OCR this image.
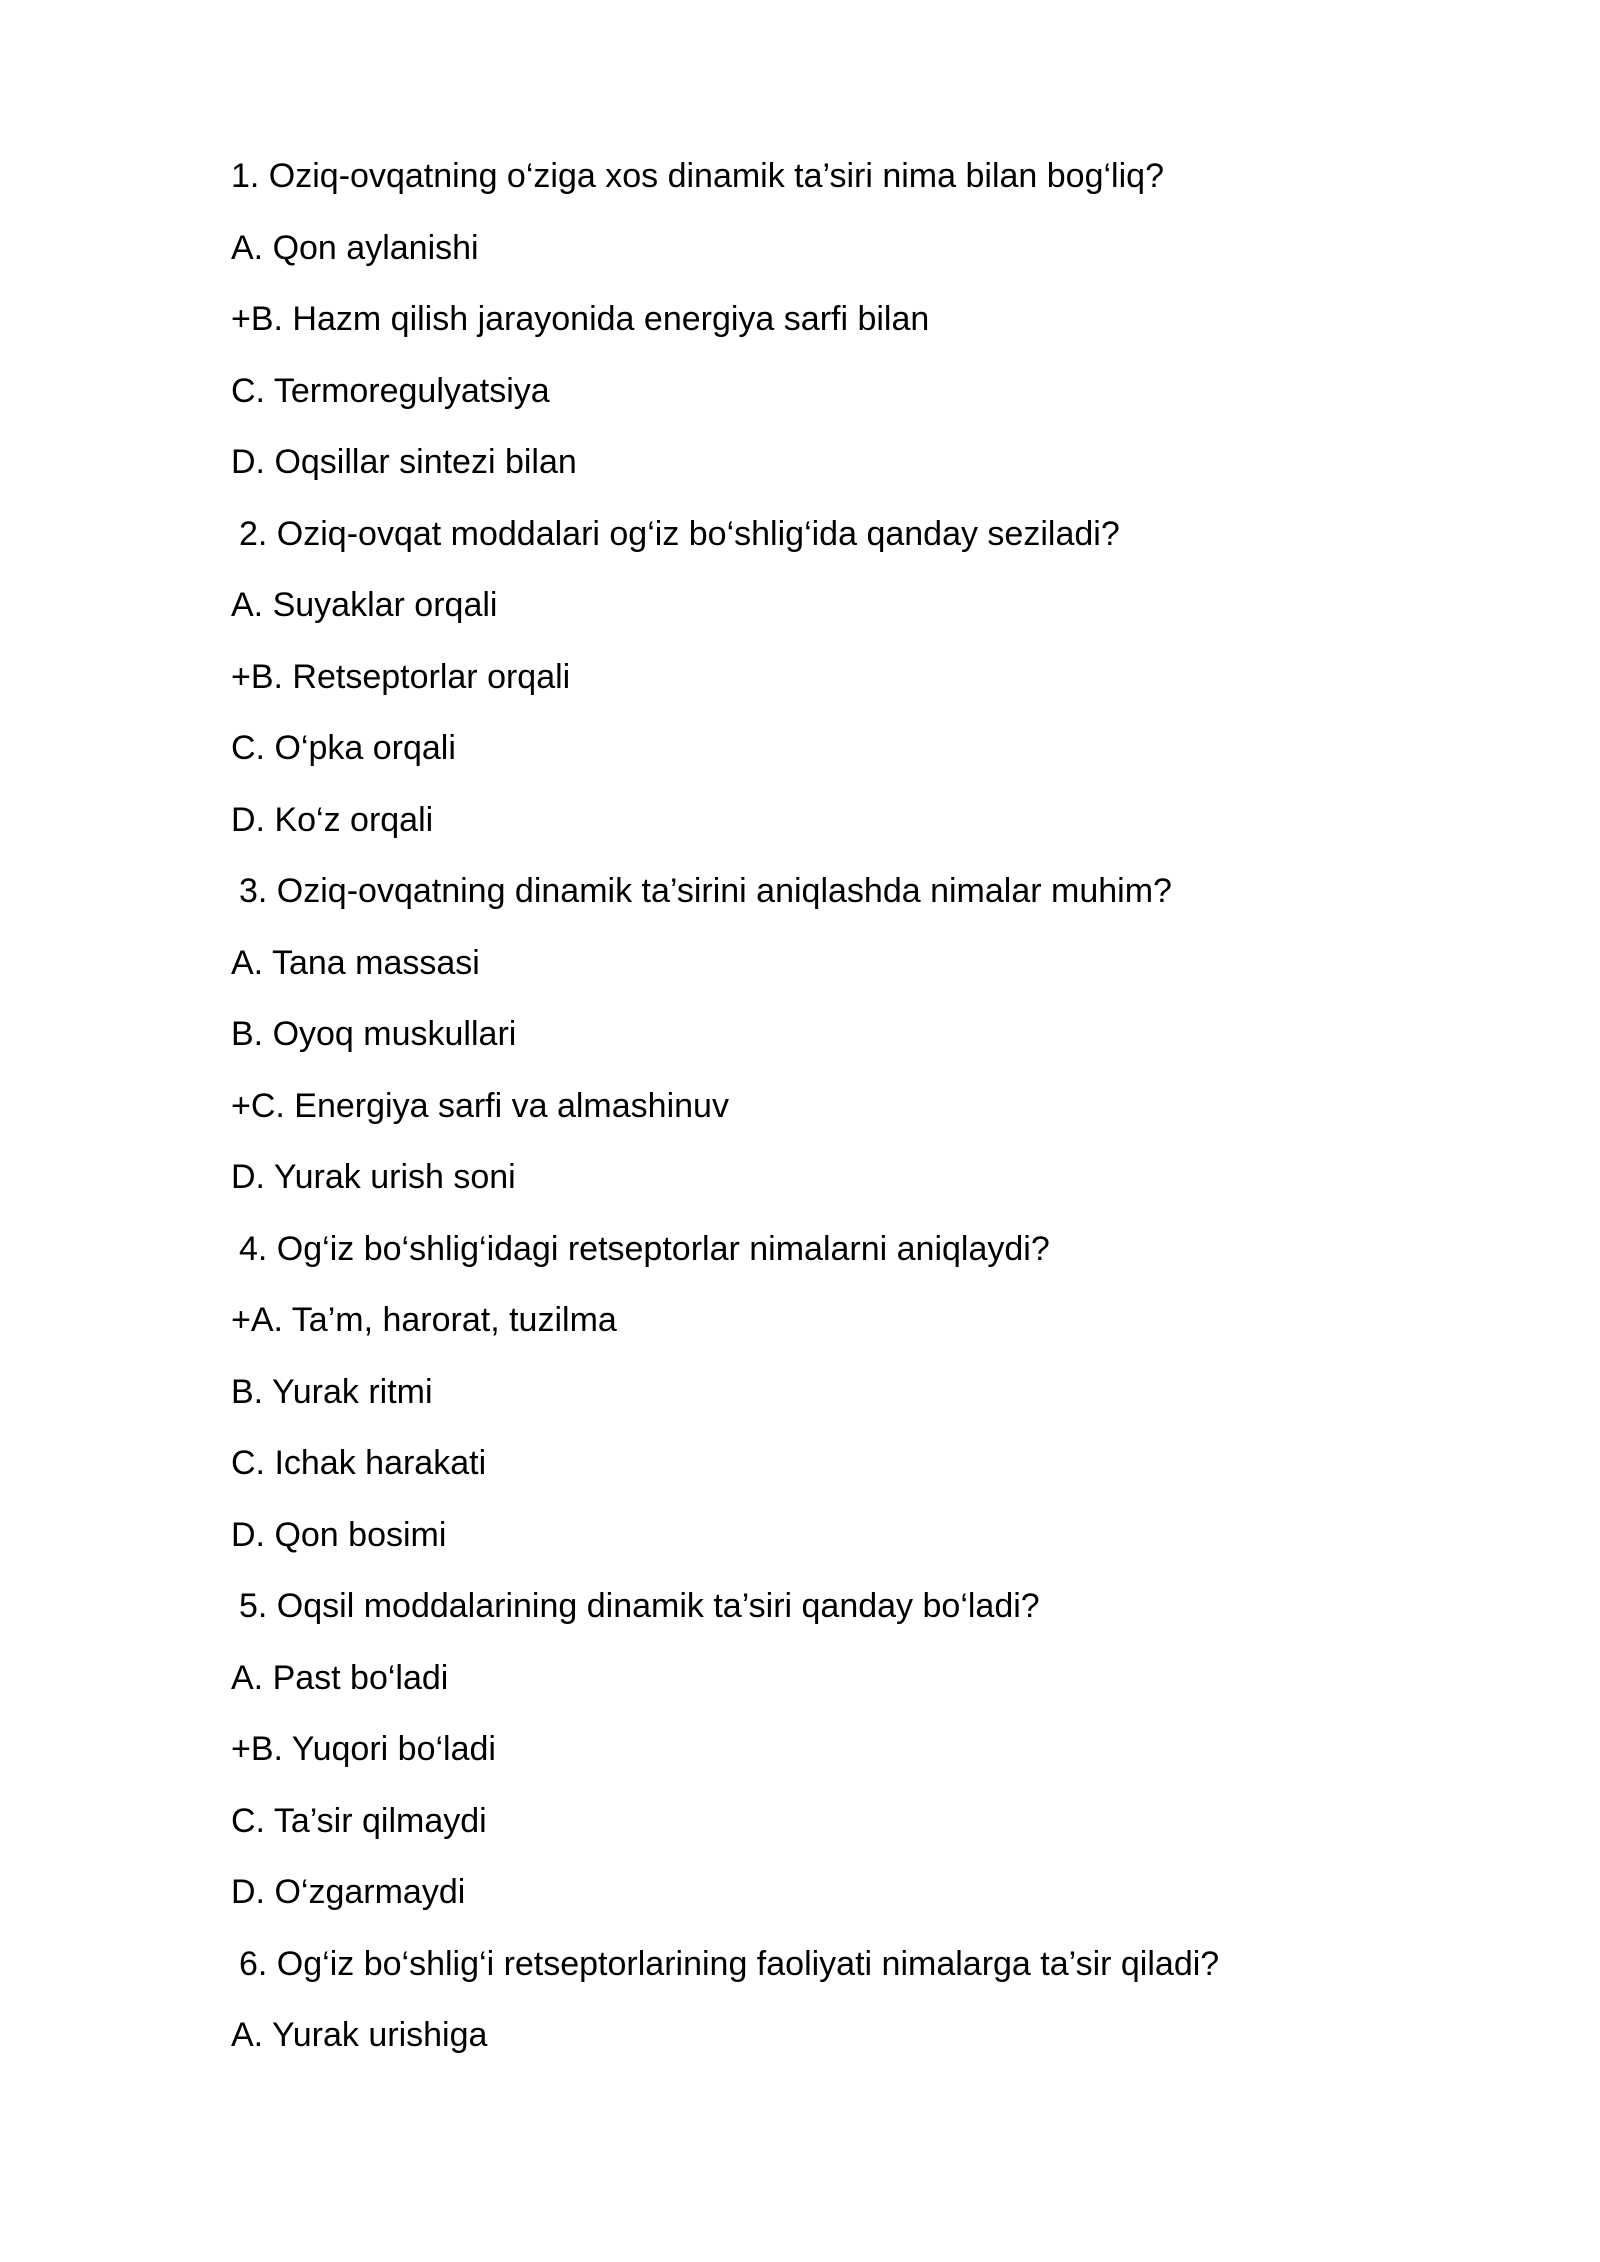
1. Oziq-ovqatning o‘ziga xos dinamik ta’siri nima bilan bog‘liq?
A. Qon aylanishi
+B. Hazm qilish jarayonida energiya sarfi bilan
C. Termoregulyatsiya
D. Oqsillar sintezi bilan
2. Oziq-ovqat moddalari og‘iz bo‘shlig‘ida qanday seziladi?
A. Suyaklar orqali
+B. Retseptorlar orqali
C. O‘pka orqali
D. Ko‘z orqali
3. Oziq-ovqatning dinamik ta’sirini aniqlashda nimalar muhim?
A. Tana massasi
B. Oyoq muskullari
+C. Energiya sarfi va almashinuv
D. Yurak urish soni
4. Og‘iz bo‘shlig‘idagi retseptorlar nimalarni aniqlaydi?
+A. Ta’m, harorat, tuzilma
B. Yurak ritmi
C. Ichak harakati
D. Qon bosimi
5. Oqsil moddalarining dinamik ta’siri qanday bo‘ladi?
A. Past bo‘ladi
+B. Yuqori bo‘ladi
C. Ta’sir qilmaydi
D. O‘zgarmaydi
6. Og‘iz bo‘shlig‘i retseptorlarining faoliyati nimalarga ta’sir qiladi?
A. Yurak urishiga
